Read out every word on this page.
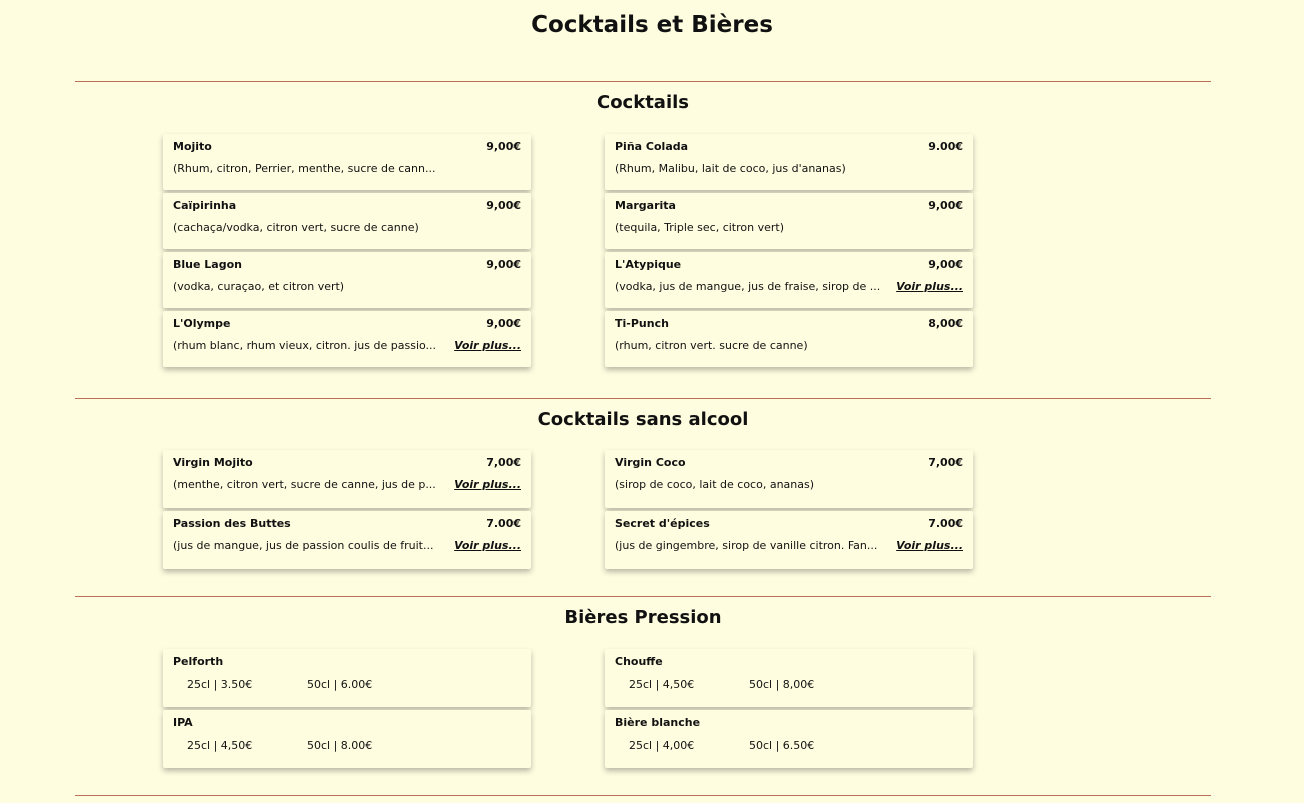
Cocktails et Bières
Cocktails
Mojito	9,00€
(Rhum, citron, Perrier, menthe, sucre de cann...
Piña Colada	9.00€
(Rhum, Malibu, lait de coco, jus d'ananas)
Caïpirinha	9,00€
(cachaça/vodka, citron vert, sucre de canne)
Margarita	9,00€
(tequila, Triple sec, citron vert)
Blue Lagon	9,00€
(vodka, curaçao, et citron vert)
L'Atypique	9,00€
(vodka, jus de mangue, jus de fraise, sirop de ... Voir plus...
L'Olympe	9,00€
(rhum blanc, rhum vieux, citron. jus de passio... Voir plus...
Ti-Punch	8,00€
(rhum, citron vert. sucre de canne)
Cocktails sans alcool
Virgin Mojito	7,00€
(menthe, citron vert, sucre de canne, jus de p... Voir plus...
Virgin Coco	7,00€
(sirop de coco, lait de coco, ananas)
Passion des Buttes	7.00€
(jus de mangue, jus de passion coulis de fruit... Voir plus...
Secret d'épices	7.00€
(jus de gingembre, sirop de vanille citron. Fan... Voir plus...
Bières Pression
Pelforth
25cl | 3.50€	50cl | 6.00€
Chouffe
25cl | 4,50€	50cl | 8,00€
IPA
25cl | 4,50€	50cl | 8.00€
Bière blanche
25cl | 4,00€	50cl | 6.50€
